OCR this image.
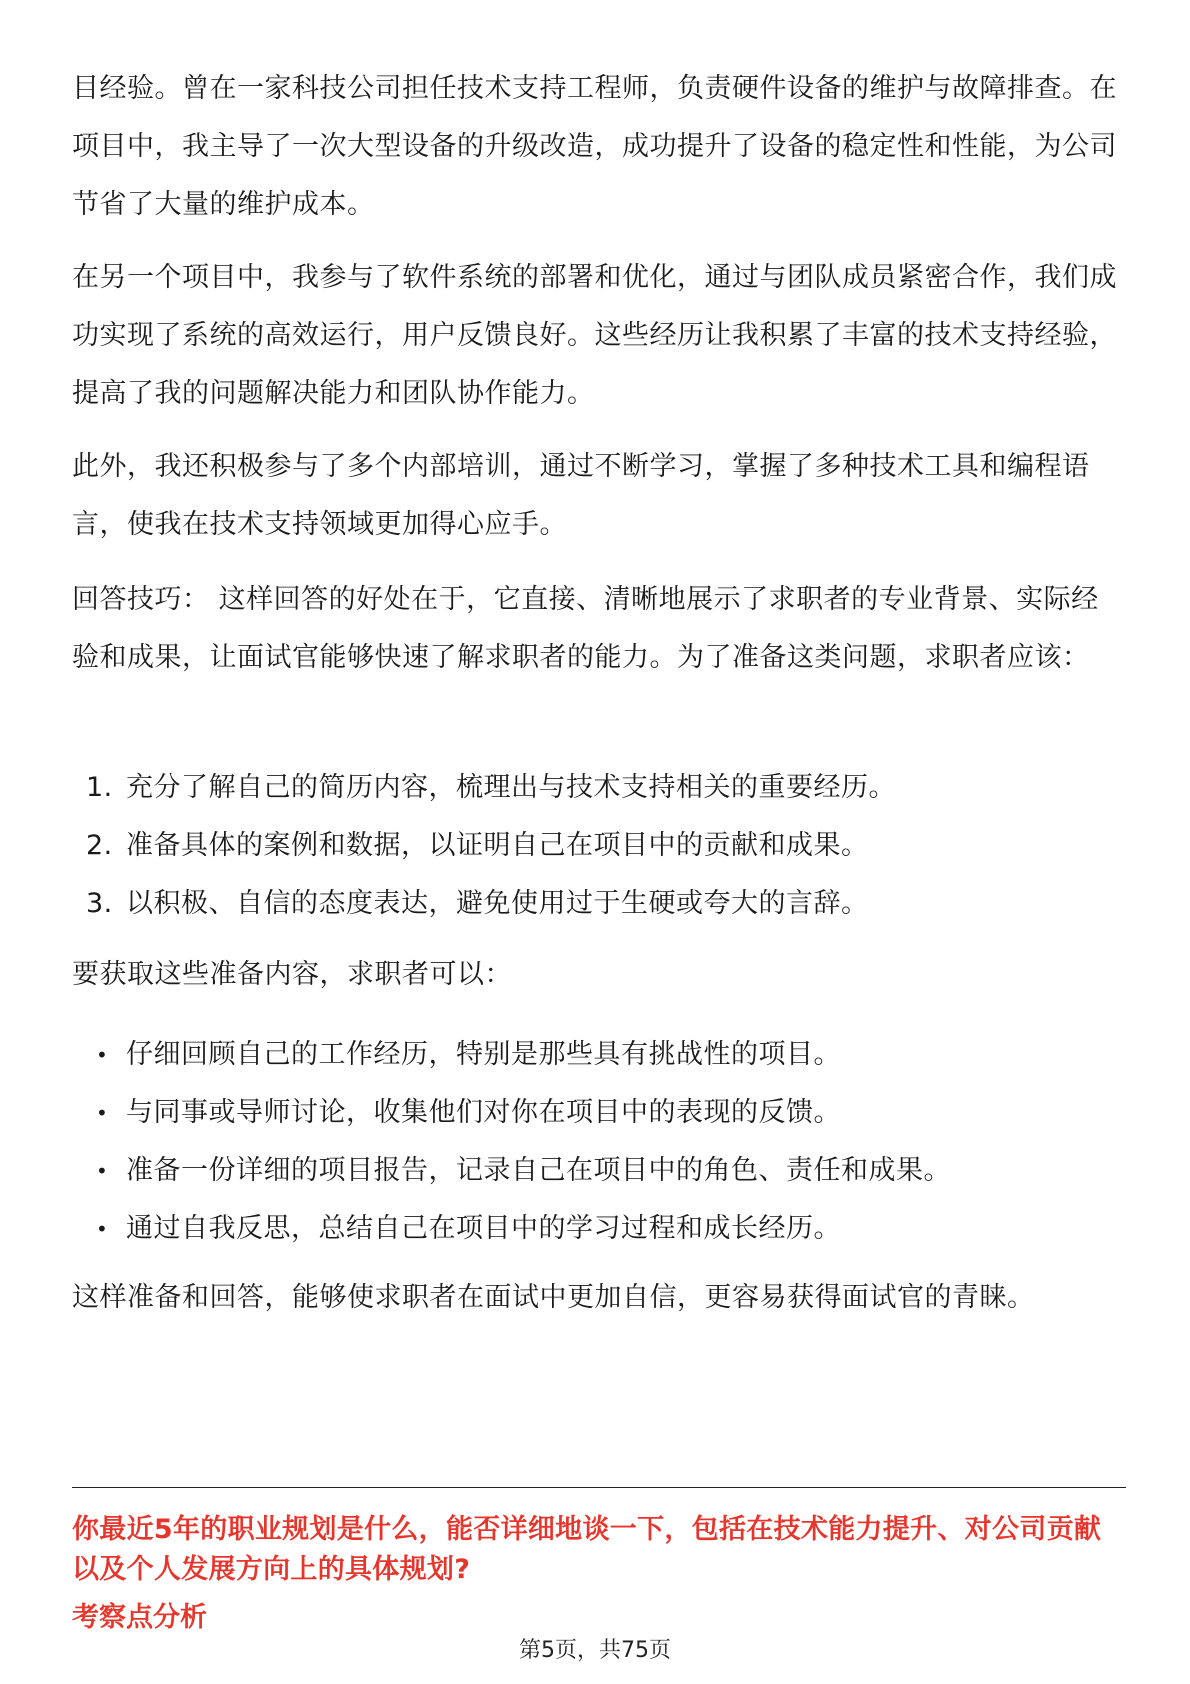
目经验。曾在一家科技公司担任技术支持工程师，负责硬件设备的维护与故障排查。在项目中，我主导了一次大型设备的升级改造，成功提升了设备的稳定性和性能，为公司节省了大量的维护成本。

在另一个项目中，我参与了软件系统的部署和优化，通过与团队成员紧密合作，我们成功实现了系统的高效运行，用户反馈良好。这些经历让我积累了丰富的技术支持经验，提高了我的问题解决能力和团队协作能力。

此外，我还积极参与了多个内部培训，通过不断学习，掌握了多种技术工具和编程语言，使我在技术支持领域更加得心应手。

回答技巧： 这样回答的好处在于，它直接、清晰地展示了求职者的专业背景、实际经验和成果，让面试官能够快速了解求职者的能力。为了准备这类问题，求职者应该：

1. 充分了解自己的简历内容，梳理出与技术支持相关的重要经历。
2. 准备具体的案例和数据，以证明自己在项目中的贡献和成果。
3. 以积极、自信的态度表达，避免使用过于生硬或夸大的言辞。

要获取这些准备内容，求职者可以：

• 仔细回顾自己的工作经历，特别是那些具有挑战性的项目。
• 与同事或导师讨论，收集他们对你在项目中的表现的反馈。
• 准备一份详细的项目报告，记录自己在项目中的角色、责任和成果。
• 通过自我反思，总结自己在项目中的学习过程和成长经历。

这样准备和回答，能够使求职者在面试中更加自信，更容易获得面试官的青睐。

你最近5年的职业规划是什么，能否详细地谈一下，包括在技术能力提升、对公司贡献以及个人发展方向上的具体规划?
考察点分析
第5页，共75页
